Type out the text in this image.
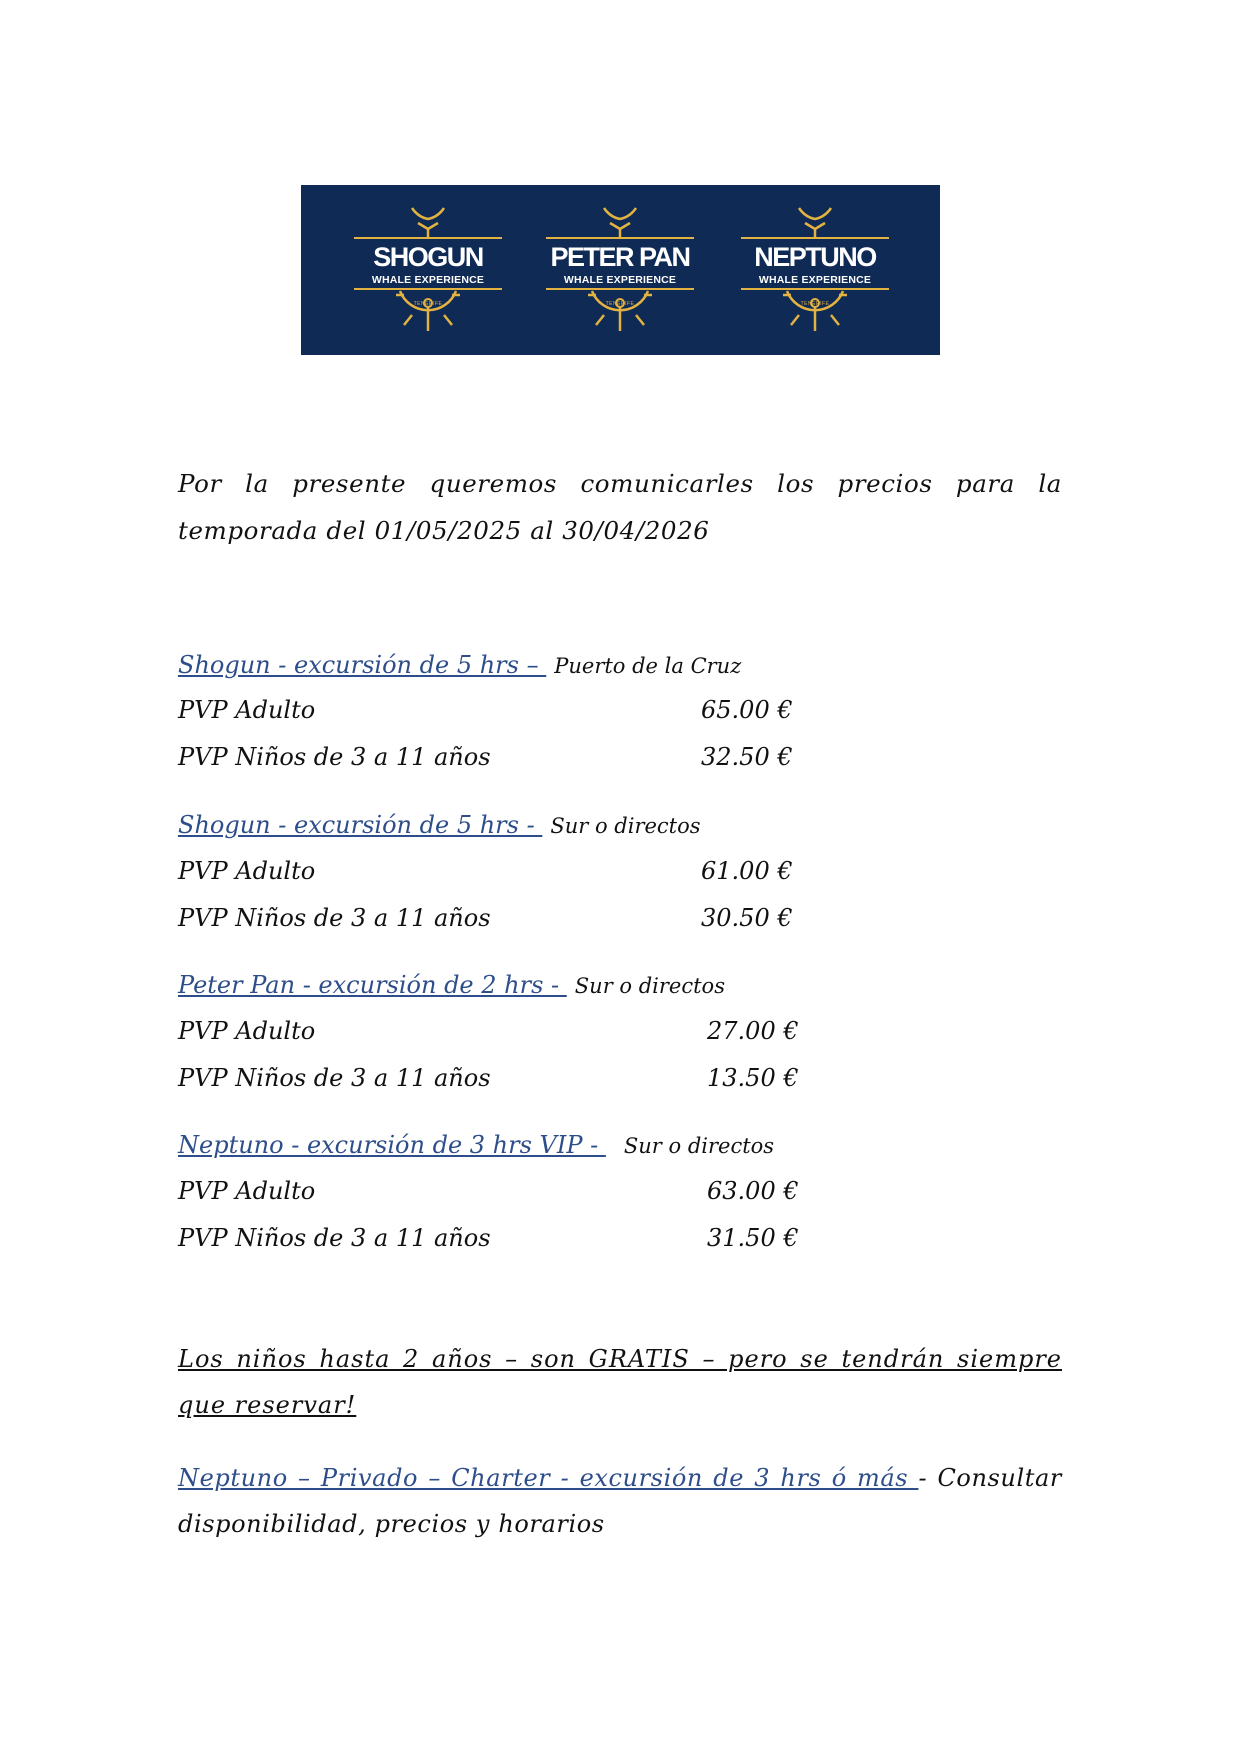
SHOGUN
WHALE EXPERIENCE
TENERIFE
PETER PAN
WHALE EXPERIENCE
TENERIFE
NEPTUNO
WHALE EXPERIENCE
TENERIFE
Por la presente queremos comunicarles los precios para la temporada del 01/05/2025 al 30/04/2026
Shogun - excursión de 5 hrs – Puerto de la Cruz
PVP Adulto	65.00 €
PVP Niños de 3 a 11 años	32.50 €
Shogun - excursión de 5 hrs - Sur o directos
PVP Adulto	61.00 €
PVP Niños de 3 a 11 años	30.50 €
Peter Pan - excursión de 2 hrs - Sur o directos
PVP Adulto	27.00 €
PVP Niños de 3 a 11 años	13.50 €
Neptuno - excursión de 3 hrs VIP - Sur o directos
PVP Adulto	63.00 €
PVP Niños de 3 a 11 años	31.50 €
Los niños hasta 2 años – son GRATIS – pero se tendrán siempre que reservar!
Neptuno – Privado – Charter - excursión de 3 hrs ó más - Consultar disponibilidad, precios y horarios
